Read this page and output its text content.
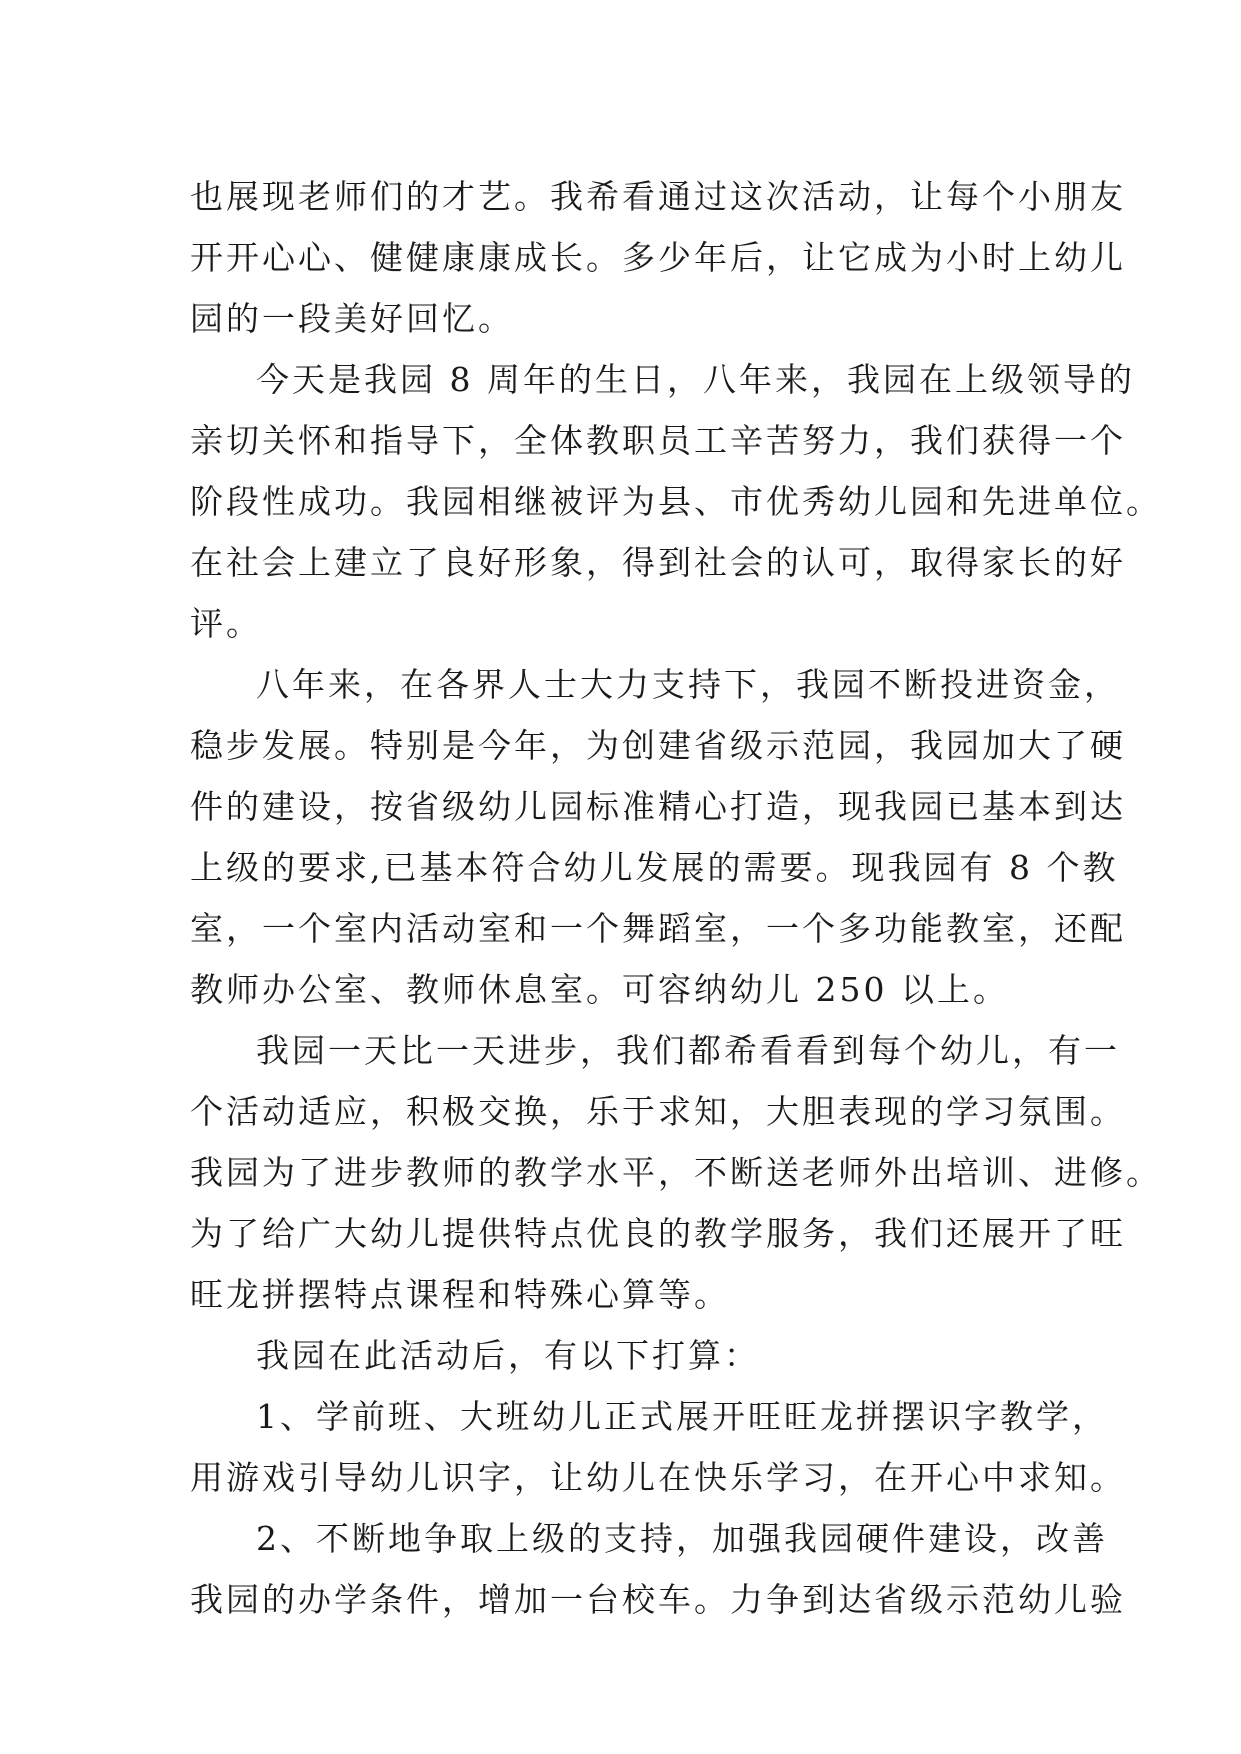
也展现老师们的才艺。我希看通过这次活动，让每个小朋友
开开心心、健健康康成长。多少年后，让它成为小时上幼儿
园的一段美好回忆。
今天是我园 8 周年的生日，八年来，我园在上级领导的
亲切关怀和指导下，全体教职员工辛苦努力，我们获得一个
阶段性成功。我园相继被评为县、市优秀幼儿园和先进单位。
在社会上建立了良好形象，得到社会的认可，取得家长的好
评。
八年来，在各界人士大力支持下，我园不断投进资金，
稳步发展。特别是今年，为创建省级示范园，我园加大了硬
件的建设，按省级幼儿园标准精心打造，现我园已基本到达
上级的要求,已基本符合幼儿发展的需要。现我园有 8 个教
室，一个室内活动室和一个舞蹈室，一个多功能教室，还配
教师办公室、教师休息室。可容纳幼儿 250 以上。
我园一天比一天进步，我们都希看看到每个幼儿，有一
个活动适应，积极交换，乐于求知，大胆表现的学习氛围。
我园为了进步教师的教学水平，不断送老师外出培训、进修。
为了给广大幼儿提供特点优良的教学服务，我们还展开了旺
旺龙拼摆特点课程和特殊心算等。
我园在此活动后，有以下打算：
1、学前班、大班幼儿正式展开旺旺龙拼摆识字教学，
用游戏引导幼儿识字，让幼儿在快乐学习，在开心中求知。
2、不断地争取上级的支持，加强我园硬件建设，改善
我园的办学条件，增加一台校车。力争到达省级示范幼儿验
